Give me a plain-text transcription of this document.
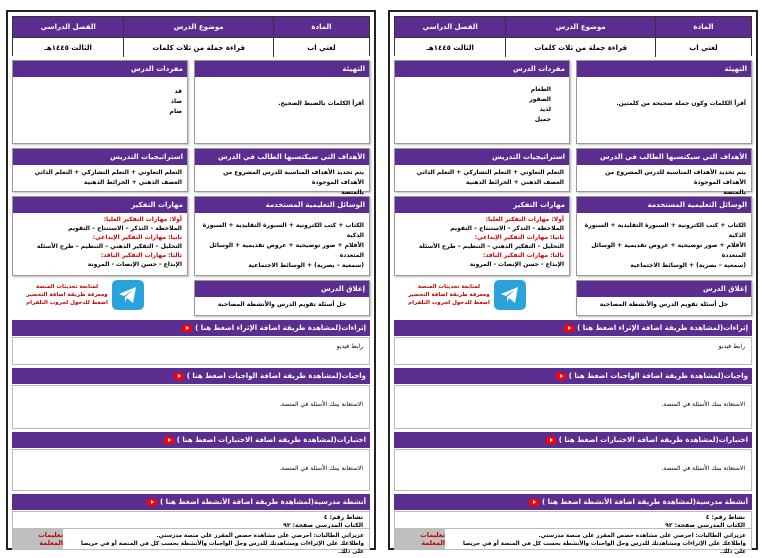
المادة
موضوع الدرس
الفصل الدراسي
لغتي اب
قراءة جملة من ثلاث كلمات
الثالث ١٤٤٥هـ
التهيئة
أقرأ الكلمات بالضبط الصحيح.
مفردات الدرس
قد
صاد
صام
الأهداف التي سيكتسبها الطالب في الدرس
يتم تحديد الأهداف المناسبة للدرس المشروع من الأهداف الموجودة
بالمنصة
استراتيجيات التدريس
التعلم التعاوني + التعلم التشاركي + التعلم الذاتي
العصف الذهني + الخرائط الذهنية
الوسائل التعليمية المستخدمة
الكتاب + كتب الكترونية + السبورة التقليدية + السبورة الذكية
الأقلام + صور توضيحية + عروض تقديمية + الوسائل المتعددة
(سمعية – بصرية) + الوسائط الاجتماعية
مهارات التفكير
أولا: مهارات التفكير العليا:
الملاحظة – التذكر – الاستنتاج – التقويم
ثانيا: مهارات التفكير الإبداعي:
التحليل – التفكير الذهني – التنظيم – طرح الأسئلة
ثالثا: مهارات التفكير الناقد:
الإبداع - حسن الإنصات - المرونة
إغلاق الدرس
حل أسئلة تقويم الدرس والأنشطة المصاحبة
لمتابعة تحديثات المنصة
ومعرفة طريقة اضافة التحضير
اضغط للدخول لجروب التلقرام
إثراءات
(لمشاهدة طريقة اضافة الإثراء اضغط هنا )
رابط فيديو
واجبات
(لمشاهدة طريقة اضافة الواجبات اضغط هنا )
الاستعانة ببنك الأسئلة في المنصة.
اختبارات
(لمشاهدة طريقة اضافة الاختبارات اضغط هنا )
الاستعانة ببنك الأسئلة في المنصة.
أنشطة مدرسية
(لمشاهدة طريقة اضافة الأنشطة اضغط هنا )
نشاط رقم: ٤
الكتاب المدرسي صفحة: ٩٢
عزيزاتي الطالبات: احرصي على مشاهدة حصص المقرر على منصة مدرستي.
واطلاعك على الإثراءات ومشاهدتك للدرس وحل الواجبات والأنشطة بحسب كل في المنصة أو في حريصا على ذلك.
تعليمات المعلمة
المادة
موضوع الدرس
الفصل الدراسي
لغتي اب
قراءة جملة من ثلاث كلمات
الثالث ١٤٤٥هـ
التهيئة
أقرأ الكلمات وكون جملة صحيحة من كلمتين.
مفردات الدرس
الطعام
الصقور
لذيذ
جميل
الأهداف التي سيكتسبها الطالب في الدرس
يتم تحديد الأهداف المناسبة للدرس المشروع من الأهداف الموجودة
بالمنصة
استراتيجيات التدريس
التعلم التعاوني + التعلم التشاركي + التعلم الذاتي
العصف الذهني + الخرائط الذهنية
الوسائل التعليمية المستخدمة
الكتاب + كتب الكترونية + السبورة التقليدية + السبورة الذكية
الأقلام + صور توضيحية + عروض تقديمية + الوسائل المتعددة
(سمعية – بصرية) + الوسائط الاجتماعية
مهارات التفكير
أولا: مهارات التفكير العليا:
الملاحظة – التذكر – الاستنتاج – التقويم
ثانيا: مهارات التفكير الإبداعي:
التحليل – التفكير الذهني – التنظيم – طرح الأسئلة
ثالثا: مهارات التفكير الناقد:
الإبداع - حسن الإنصات - المرونة
إغلاق الدرس
حل أسئلة تقويم الدرس والأنشطة المصاحبة
لمتابعة تحديثات المنصة
ومعرفة طريقة اضافة التحضير
اضغط للدخول لجروب التلقرام
إثراءات
(لمشاهدة طريقة اضافة الإثراء اضغط هنا )
رابط فيديو
واجبات
(لمشاهدة طريقة اضافة الواجبات اضغط هنا )
الاستعانة ببنك الأسئلة في المنصة.
اختبارات
(لمشاهدة طريقة اضافة الاختبارات اضغط هنا )
الاستعانة ببنك الأسئلة في المنصة.
أنشطة مدرسية
(لمشاهدة طريقة اضافة الأنشطة اضغط هنا )
نشاط رقم: ٤
الكتاب المدرسي صفحة: ٩٢
عزيزاتي الطالبات: احرصي على مشاهدة حصص المقرر على منصة مدرستي.
واطلاعك على الإثراءات ومشاهدتك للدرس وحل الواجبات والأنشطة بحسب كل في المنصة أو في حريصا على ذلك.
تعليمات المعلمة
